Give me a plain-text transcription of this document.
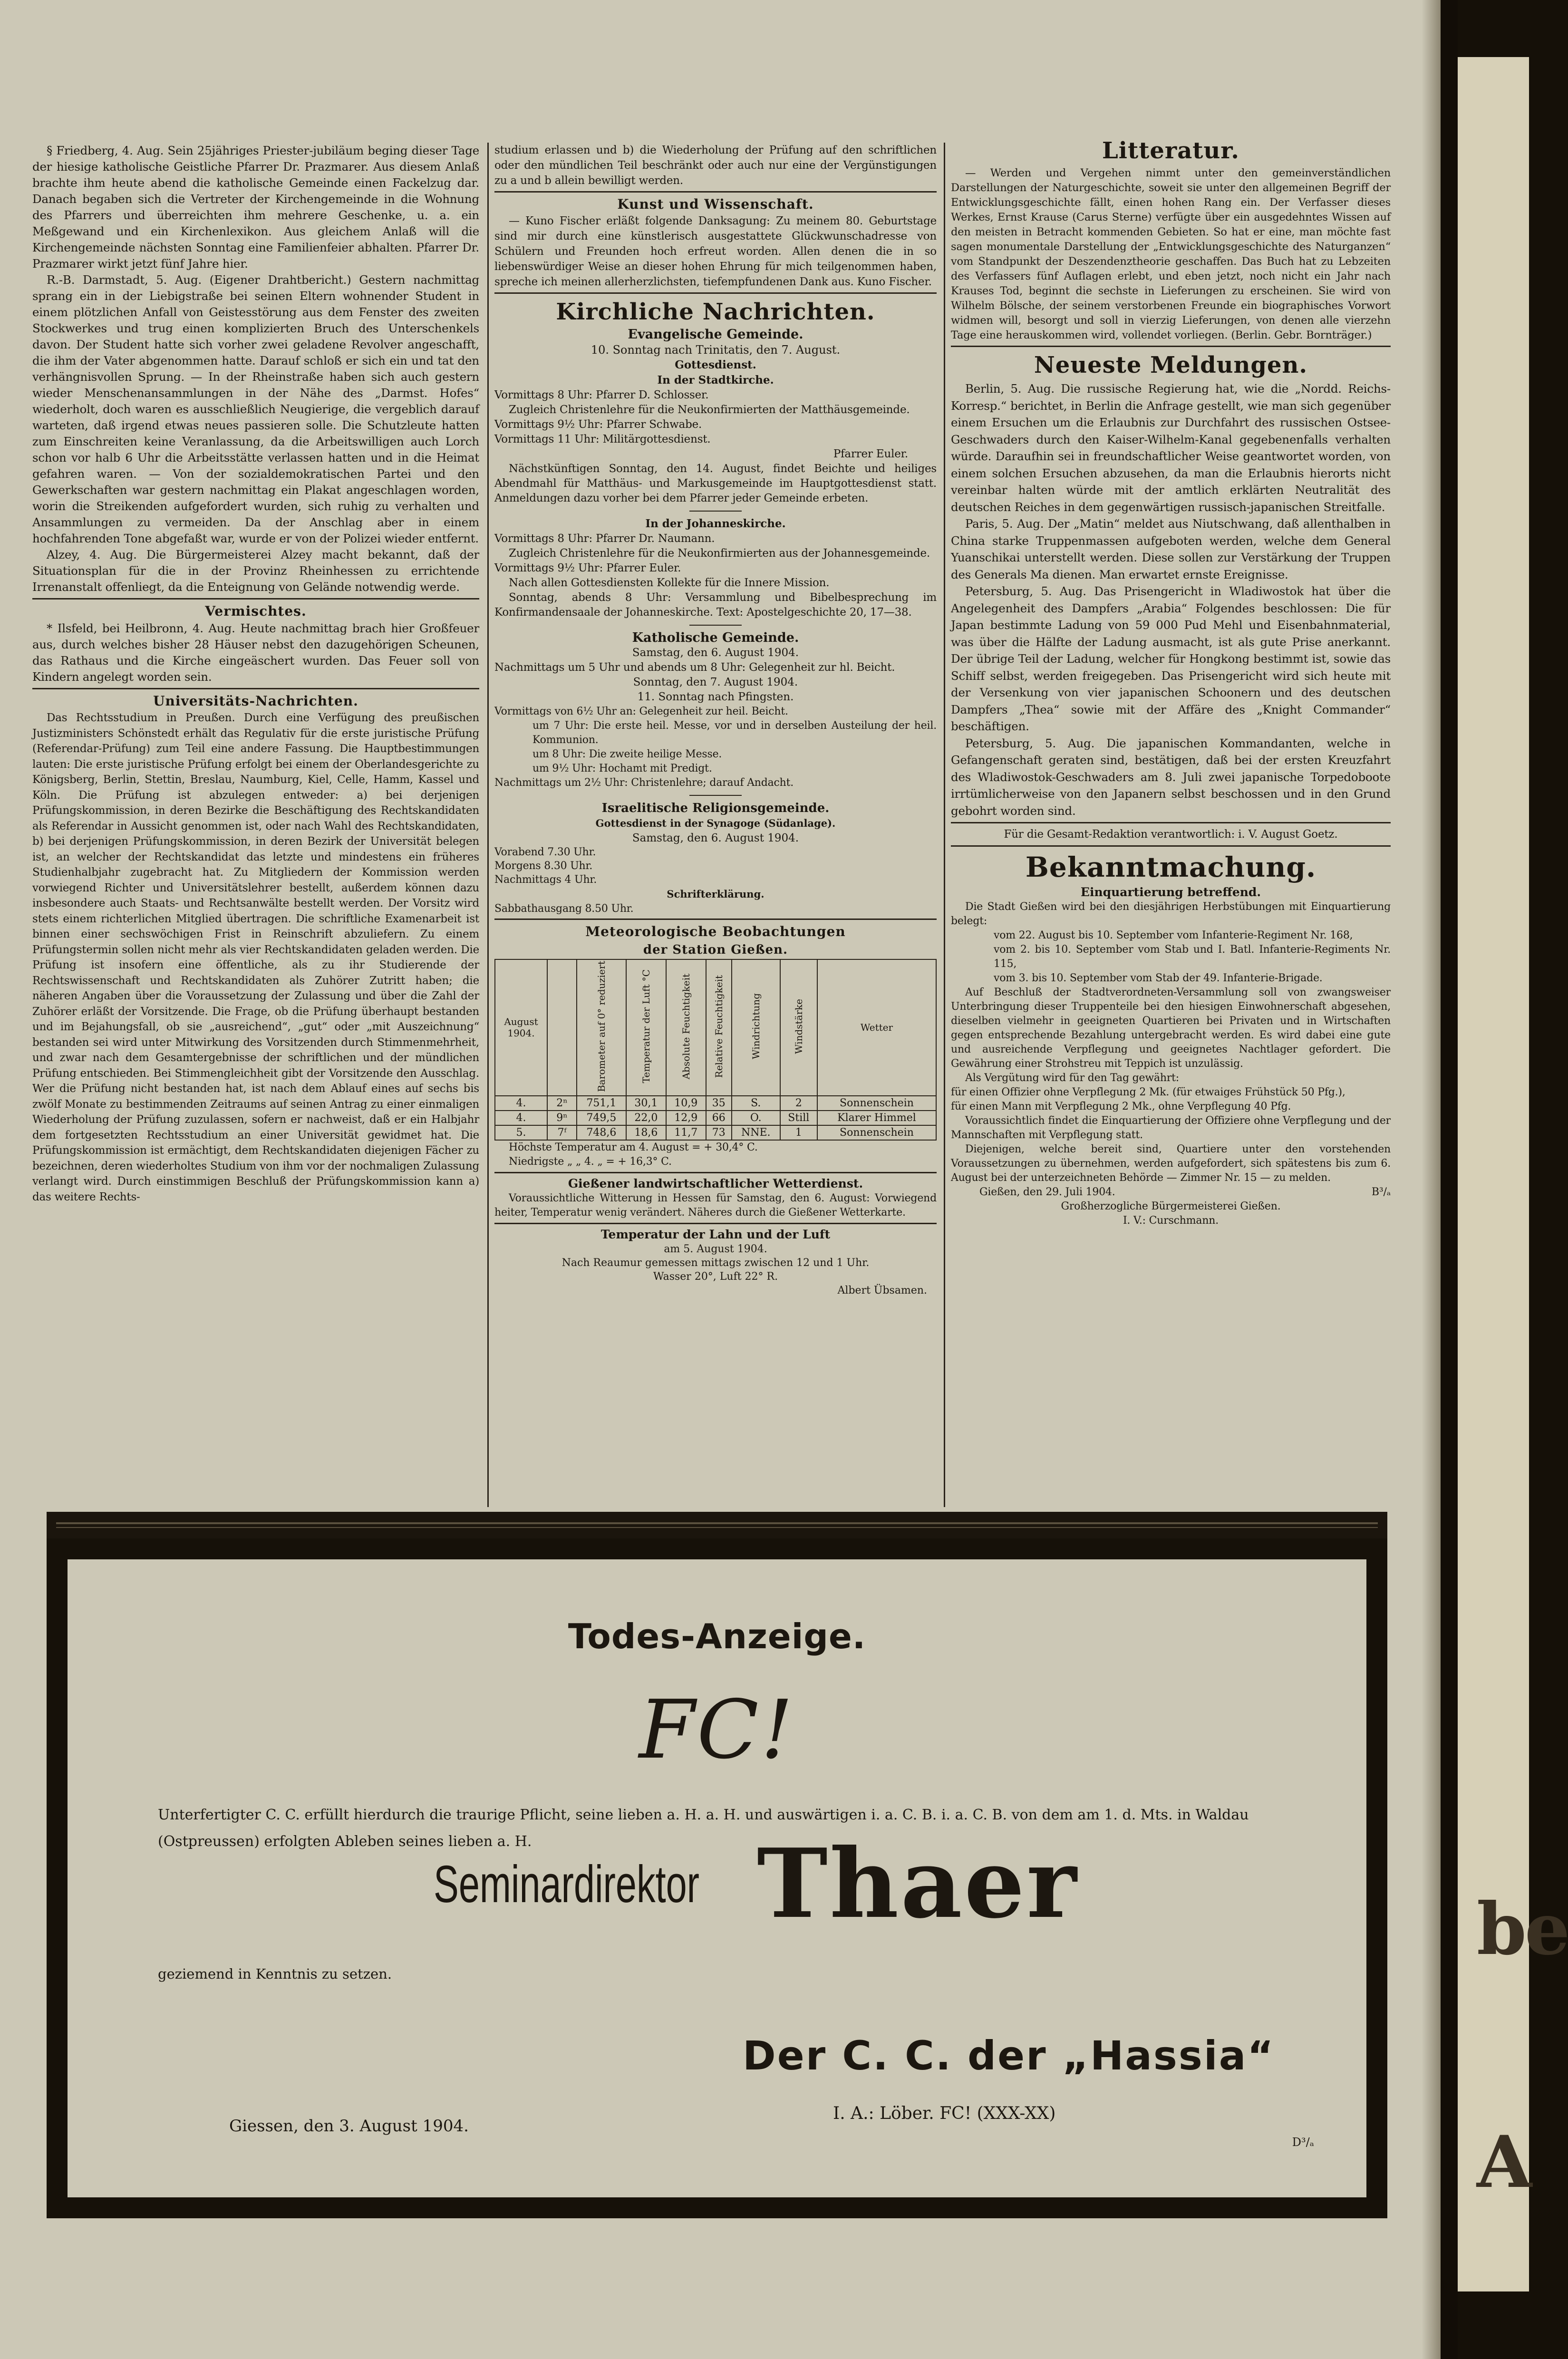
§ Friedberg, 4. Aug. Sein 25jähriges Priester-jubiläum beging dieser Tage der hiesige katholische Geistliche Pfarrer Dr. Prazmarer. Aus diesem Anlaß brachte ihm heute abend die katholische Gemeinde einen Fackelzug dar. Danach begaben sich die Vertreter der Kirchengemeinde in die Wohnung des Pfarrers und überreichten ihm mehrere Geschenke, u. a. ein Meßgewand und ein Kirchenlexikon. Aus gleichem Anlaß will die Kirchengemeinde nächsten Sonntag eine Familienfeier abhalten. Pfarrer Dr. Prazmarer wirkt jetzt fünf Jahre hier.

R.-B. Darmstadt, 5. Aug. (Eigener Drahtbericht.) Gestern nachmittag sprang ein in der Liebigstraße bei seinen Eltern wohnender Student in einem plötzlichen Anfall von Geistesstörung aus dem Fenster des zweiten Stockwerkes und trug einen komplizierten Bruch des Unterschenkels davon. Der Student hatte sich vorher zwei geladene Revolver angeschafft, die ihm der Vater abgenommen hatte. Darauf schloß er sich ein und tat den verhängnisvollen Sprung. — In der Rheinstraße haben sich auch gestern wieder Menschenansammlungen in der Nähe des „Darmst. Hofes“ wiederholt, doch waren es ausschließlich Neugierige, die vergeblich darauf warteten, daß irgend etwas neues passieren solle. Die Schutzleute hatten zum Einschreiten keine Veranlassung, da die Arbeitswilligen auch Lorch schon vor halb 6 Uhr die Arbeitsstätte verlassen hatten und in die Heimat gefahren waren. — Von der sozialdemokratischen Partei und den Gewerkschaften war gestern nachmittag ein Plakat angeschlagen worden, worin die Streikenden aufgefordert wurden, sich ruhig zu verhalten und Ansammlungen zu vermeiden. Da der Anschlag aber in einem hochfahrenden Tone abgefaßt war, wurde er von der Polizei wieder entfernt.

Alzey, 4. Aug. Die Bürgermeisterei Alzey macht bekannt, daß der Situationsplan für die in der Provinz Rheinhessen zu errichtende Irrenanstalt offenliegt, da die Enteignung von Gelände notwendig werde.

Vermischtes.

* Ilsfeld, bei Heilbronn, 4. Aug. Heute nachmittag brach hier Großfeuer aus, durch welches bisher 28 Häuser nebst den dazugehörigen Scheunen, das Rathaus und die Kirche eingeäschert wurden. Das Feuer soll von Kindern angelegt worden sein.

Universitäts-Nachrichten.

Das Rechtsstudium in Preußen. Durch eine Verfügung des preußischen Justizministers Schönstedt erhält das Regulativ für die erste juristische Prüfung (Referendar-Prüfung) zum Teil eine andere Fassung. Die Hauptbestimmungen lauten: Die erste juristische Prüfung erfolgt bei einem der Oberlandesgerichte zu Königsberg, Berlin, Stettin, Breslau, Naumburg, Kiel, Celle, Hamm, Kassel und Köln. Die Prüfung ist abzulegen entweder: a) bei derjenigen Prüfungskommission, in deren Bezirke die Beschäftigung des Rechtskandidaten als Referendar in Aussicht genommen ist, oder nach Wahl des Rechtskandidaten, b) bei derjenigen Prüfungskommission, in deren Bezirk der Universität belegen ist, an welcher der Rechtskandidat das letzte und mindestens ein früheres Studienhalbjahr zugebracht hat. Zu Mitgliedern der Kommission werden vorwiegend Richter und Universitätslehrer bestellt, außerdem können dazu insbesondere auch Staats- und Rechtsanwälte bestellt werden. Der Vorsitz wird stets einem richterlichen Mitglied übertragen. Die schriftliche Examenarbeit ist binnen einer sechswöchigen Frist in Reinschrift abzuliefern. Zu einem Prüfungstermin sollen nicht mehr als vier Rechtskandidaten geladen werden. Die Prüfung ist insofern eine öffentliche, als zu ihr Studierende der Rechtswissenschaft und Rechtskandidaten als Zuhörer Zutritt haben; die näheren Angaben über die Voraussetzung der Zulassung und über die Zahl der Zuhörer erläßt der Vorsitzende. Die Frage, ob die Prüfung überhaupt bestanden und im Bejahungsfall, ob sie „ausreichend“, „gut“ oder „mit Auszeichnung“ bestanden sei wird unter Mitwirkung des Vorsitzenden durch Stimmenmehrheit, und zwar nach dem Gesamtergebnisse der schriftlichen und der mündlichen Prüfung entschieden. Bei Stimmengleichheit gibt der Vorsitzende den Ausschlag. Wer die Prüfung nicht bestanden hat, ist nach dem Ablauf eines auf sechs bis zwölf Monate zu bestimmenden Zeitraums auf seinen Antrag zu einer einmaligen Wiederholung der Prüfung zuzulassen, sofern er nachweist, daß er ein Halbjahr dem fortgesetzten Rechtsstudium an einer Universität gewidmet hat. Die Prüfungskommission ist ermächtigt, dem Rechtskandidaten diejenigen Fächer zu bezeichnen, deren wiederholtes Studium von ihm vor der nochmaligen Zulassung verlangt wird. Durch einstimmigen Beschluß der Prüfungskommission kann a) das weitere Rechts-

studium erlassen und b) die Wiederholung der Prüfung auf den schriftlichen oder den mündlichen Teil beschränkt oder auch nur eine der Vergünstigungen zu a und b allein bewilligt werden.

Kunst und Wissenschaft.

— Kuno Fischer erläßt folgende Danksagung: Zu meinem 80. Geburtstage sind mir durch eine künstlerisch ausgestattete Glückwunschadresse von Schülern und Freunden hoch erfreut worden. Allen denen die in so liebenswürdiger Weise an dieser hohen Ehrung für mich teilgenommen haben, spreche ich meinen allerherzlichsten, tiefempfundenen Dank aus. Kuno Fischer.

Kirchliche Nachrichten.
Evangelische Gemeinde.
10. Sonntag nach Trinitatis, den 7. August.
Gottesdienst.
In der Stadtkirche.

Vormittags 8 Uhr: Pfarrer D. Schlosser.

Zugleich Christenlehre für die Neukonfirmierten der Matthäusgemeinde.

Vormittags 9½ Uhr: Pfarrer Schwabe.

Vormittags 11 Uhr: Militärgottesdienst.

Pfarrer Euler.

Nächstkünftigen Sonntag, den 14. August, findet Beichte und heiliges Abendmahl für Matthäus- und Markusgemeinde im Hauptgottesdienst statt. Anmeldungen dazu vorher bei dem Pfarrer jeder Gemeinde erbeten.

In der Johanneskirche.

Vormittags 8 Uhr: Pfarrer Dr. Naumann.

Zugleich Christenlehre für die Neukonfirmierten aus der Johannesgemeinde.

Vormittags 9½ Uhr: Pfarrer Euler.

Nach allen Gottesdiensten Kollekte für die Innere Mission.

Sonntag, abends 8 Uhr: Versammlung und Bibelbesprechung im Konfirmandensaale der Johanneskirche. Text: Apostelgeschichte 20, 17—38.

Katholische Gemeinde.
Samstag, den 6. August 1904.

Nachmittags um 5 Uhr und abends um 8 Uhr: Gelegenheit zur hl. Beicht.

Sonntag, den 7. August 1904.
11. Sonntag nach Pfingsten.

Vormittags von 6½ Uhr an: Gelegenheit zur heil. Beicht.

um 7 Uhr: Die erste heil. Messe, vor und in derselben Austeilung der heil. Kommunion.

um 8 Uhr: Die zweite heilige Messe.

um 9½ Uhr: Hochamt mit Predigt.

Nachmittags um 2½ Uhr: Christenlehre; darauf Andacht.

Israelitische Religionsgemeinde.
Gottesdienst in der Synagoge (Südanlage).
Samstag, den 6. August 1904.

Vorabend 7.30 Uhr.

Morgens 8.30 Uhr.

Nachmittags 4 Uhr.

Schrifterklärung.

Sabbathausgang 8.50 Uhr.

Meteorologische Beobachtungen
der Station Gießen.
August 1904.		Barometer auf 0° reduziert	Temperatur der Luft °C	Absolute Feuchtigkeit	Relative Feuchtigkeit	Windrichtung	Windstärke	Wetter
4.	2ⁿ	751,1	30,1	10,9	35	S.	2	Sonnenschein
4.	9ⁿ	749,5	22,0	12,9	66	O.	Still	Klarer Himmel
5.	7ᶠ	748,6	18,6	11,7	73	NNE.	1	Sonnenschein

Höchste Temperatur am 4. August = + 30,4° C.

Niedrigste „ „ 4. „ = + 16,3° C.

Gießener landwirtschaftlicher Wetterdienst.

Voraussichtliche Witterung in Hessen für Samstag, den 6. August: Vorwiegend heiter, Temperatur wenig verändert. Näheres durch die Gießener Wetterkarte.

Temperatur der Lahn und der Luft
am 5. August 1904.
Nach Reaumur gemessen mittags zwischen 12 und 1 Uhr.
Wasser 20°, Luft 22° R.
Albert Übsamen.
Litteratur.

— Werden und Vergehen nimmt unter den gemeinverständlichen Darstellungen der Naturgeschichte, soweit sie unter den allgemeinen Begriff der Entwicklungsgeschichte fällt, einen hohen Rang ein. Der Verfasser dieses Werkes, Ernst Krause (Carus Sterne) verfügte über ein ausgedehntes Wissen auf den meisten in Betracht kommenden Gebieten. So hat er eine, man möchte fast sagen monumentale Darstellung der „Entwicklungsgeschichte des Naturganzen“ vom Standpunkt der Deszendenztheorie geschaffen. Das Buch hat zu Lebzeiten des Verfassers fünf Auflagen erlebt, und eben jetzt, noch nicht ein Jahr nach Krauses Tod, beginnt die sechste in Lieferungen zu erscheinen. Sie wird von Wilhelm Bölsche, der seinem verstorbenen Freunde ein biographisches Vorwort widmen will, besorgt und soll in vierzig Lieferungen, von denen alle vierzehn Tage eine herauskommen wird, vollendet vorliegen. (Berlin. Gebr. Bornträger.)

Neueste Meldungen.

Berlin, 5. Aug. Die russische Regierung hat, wie die „Nordd. Reichs-Korresp.“ berichtet, in Berlin die Anfrage gestellt, wie man sich gegenüber einem Ersuchen um die Erlaubnis zur Durchfahrt des russischen Ostsee-Geschwaders durch den Kaiser-Wilhelm-Kanal gegebenenfalls verhalten würde. Daraufhin sei in freundschaftlicher Weise geantwortet worden, von einem solchen Ersuchen abzusehen, da man die Erlaubnis hierorts nicht vereinbar halten würde mit der amtlich erklärten Neutralität des deutschen Reiches in dem gegenwärtigen russisch-japanischen Streitfalle.

Paris, 5. Aug. Der „Matin“ meldet aus Niutschwang, daß allenthalben in China starke Truppenmassen aufgeboten werden, welche dem General Yuanschikai unterstellt werden. Diese sollen zur Verstärkung der Truppen des Generals Ma dienen. Man erwartet ernste Ereignisse.

Petersburg, 5. Aug. Das Prisengericht in Wladiwostok hat über die Angelegenheit des Dampfers „Arabia“ Folgendes beschlossen: Die für Japan bestimmte Ladung von 59 000 Pud Mehl und Eisenbahnmaterial, was über die Hälfte der Ladung ausmacht, ist als gute Prise anerkannt. Der übrige Teil der Ladung, welcher für Hongkong bestimmt ist, sowie das Schiff selbst, werden freigegeben. Das Prisengericht wird sich heute mit der Versenkung von vier japanischen Schoonern und des deutschen Dampfers „Thea“ sowie mit der Affäre des „Knight Commander“ beschäftigen.

Petersburg, 5. Aug. Die japanischen Kommandanten, welche in Gefangenschaft geraten sind, bestätigen, daß bei der ersten Kreuzfahrt des Wladiwostok-Geschwaders am 8. Juli zwei japanische Torpedoboote irrtümlicherweise von den Japanern selbst beschossen und in den Grund gebohrt worden sind.

Für die Gesamt-Redaktion verantwortlich: i. V. August Goetz.

Bekanntmachung.
Einquartierung betreffend.

Die Stadt Gießen wird bei den diesjährigen Herbstübungen mit Einquartierung belegt:

vom 22. August bis 10. September vom Infanterie-Regiment Nr. 168,

vom 2. bis 10. September vom Stab und I. Batl. Infanterie-Regiments Nr. 115,

vom 3. bis 10. September vom Stab der 49. Infanterie-Brigade.

Auf Beschluß der Stadtverordneten-Versammlung soll von zwangsweiser Unterbringung dieser Truppenteile bei den hiesigen Einwohnerschaft abgesehen, dieselben vielmehr in geeigneten Quartieren bei Privaten und in Wirtschaften gegen entsprechende Bezahlung untergebracht werden. Es wird dabei eine gute und ausreichende Verpflegung und geeignetes Nachtlager gefordert. Die Gewährung einer Strohstreu mit Teppich ist unzulässig.

Als Vergütung wird für den Tag gewährt:

für einen Offizier ohne Verpflegung 2 Mk. (für etwaiges Frühstück 50 Pfg.),

für einen Mann mit Verpflegung 2 Mk., ohne Verpflegung 40 Pfg.

Voraussichtlich findet die Einquartierung der Offiziere ohne Verpflegung und der Mannschaften mit Verpflegung statt.

Diejenigen, welche bereit sind, Quartiere unter den vorstehenden Voraussetzungen zu übernehmen, werden aufgefordert, sich spätestens bis zum 6. August bei der unterzeichneten Behörde — Zimmer Nr. 15 — zu melden.

Gießen, den 29. Juli 1904.	B³/ₐ

Großherzogliche Bürgermeisterei Gießen.

I. V.: Curschmann.

Todes-Anzeige.
FC!
Unterfertigter C. C. erfüllt hierdurch die traurige Pflicht, seine lieben a. H. a. H. und auswärtigen i. a. C. B. i. a. C. B. von dem am 1. d. Mts. in Waldau (Ostpreussen) erfolgten Ableben seines lieben a. H.
Seminardirektor Thaer
geziemend in Kenntnis zu setzen.
Der C. C. der „Hassia“
I. A.: Löber. FC! (XXX-XX)
Giessen, den 3. August 1904.
D³/ₐ
be
A
